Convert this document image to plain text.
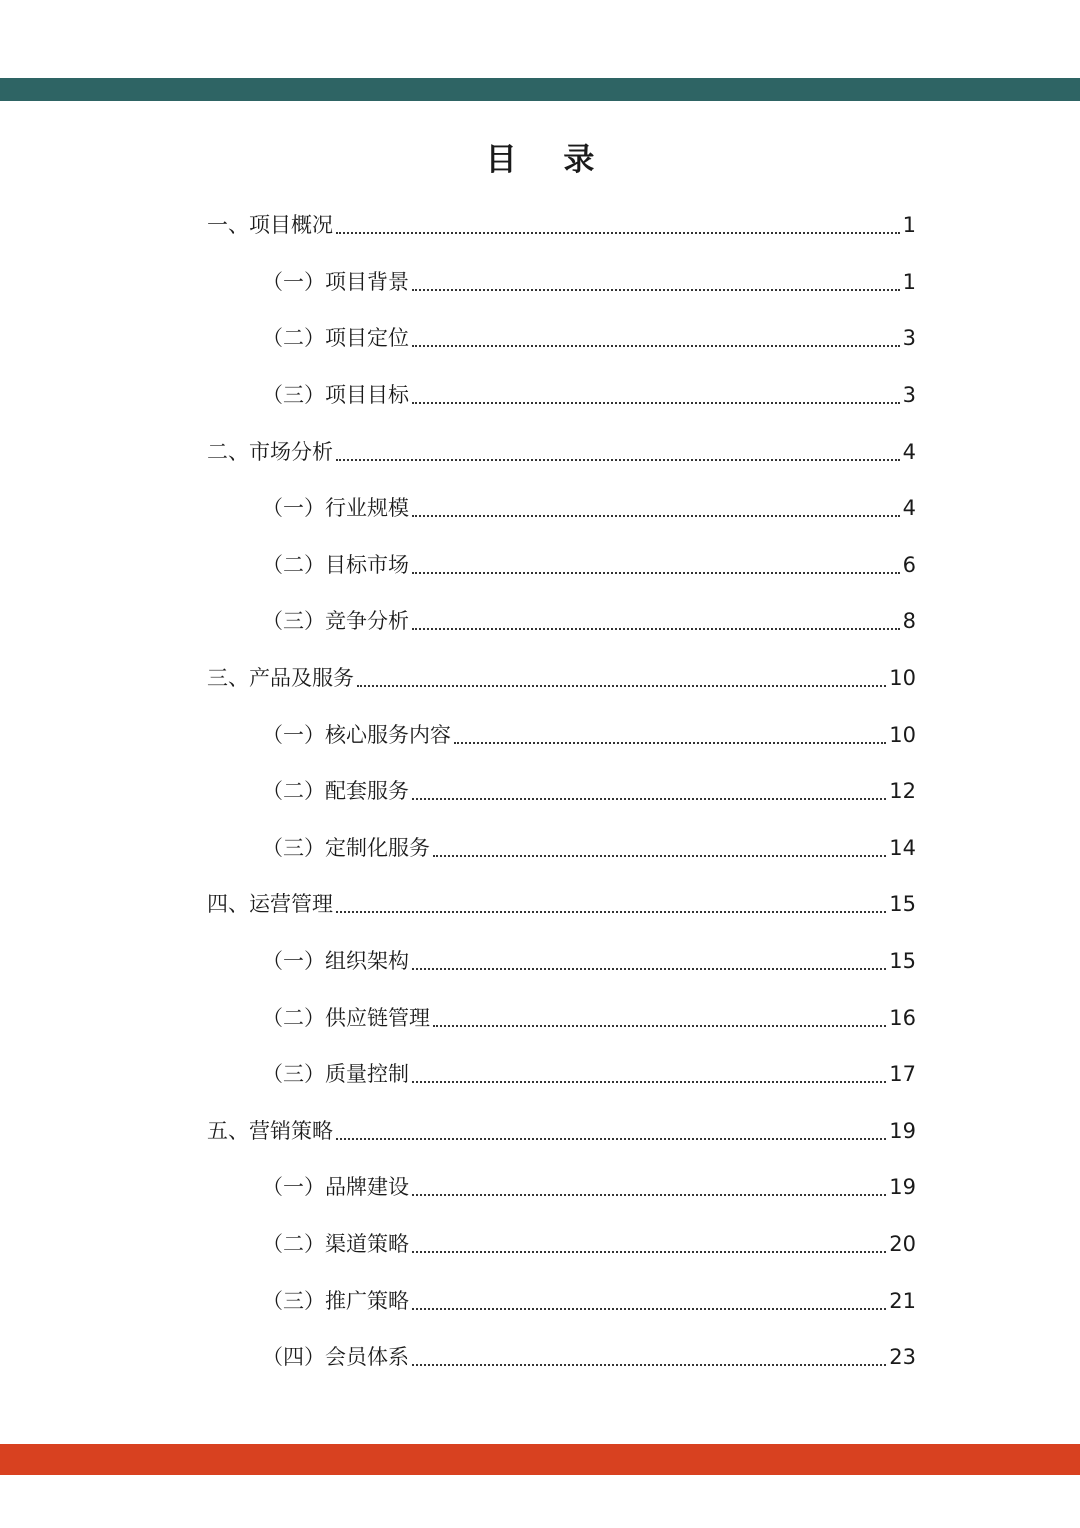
目 录
一、项目概况	1
（一）项目背景	1
（二）项目定位	3
（三）项目目标	3
二、市场分析	4
（一）行业规模	4
（二）目标市场	6
（三）竞争分析	8
三、产品及服务	10
（一）核心服务内容	10
（二）配套服务	12
（三）定制化服务	14
四、运营管理	15
（一）组织架构	15
（二）供应链管理	16
（三）质量控制	17
五、营销策略	19
（一）品牌建设	19
（二）渠道策略	20
（三）推广策略	21
（四）会员体系	23
